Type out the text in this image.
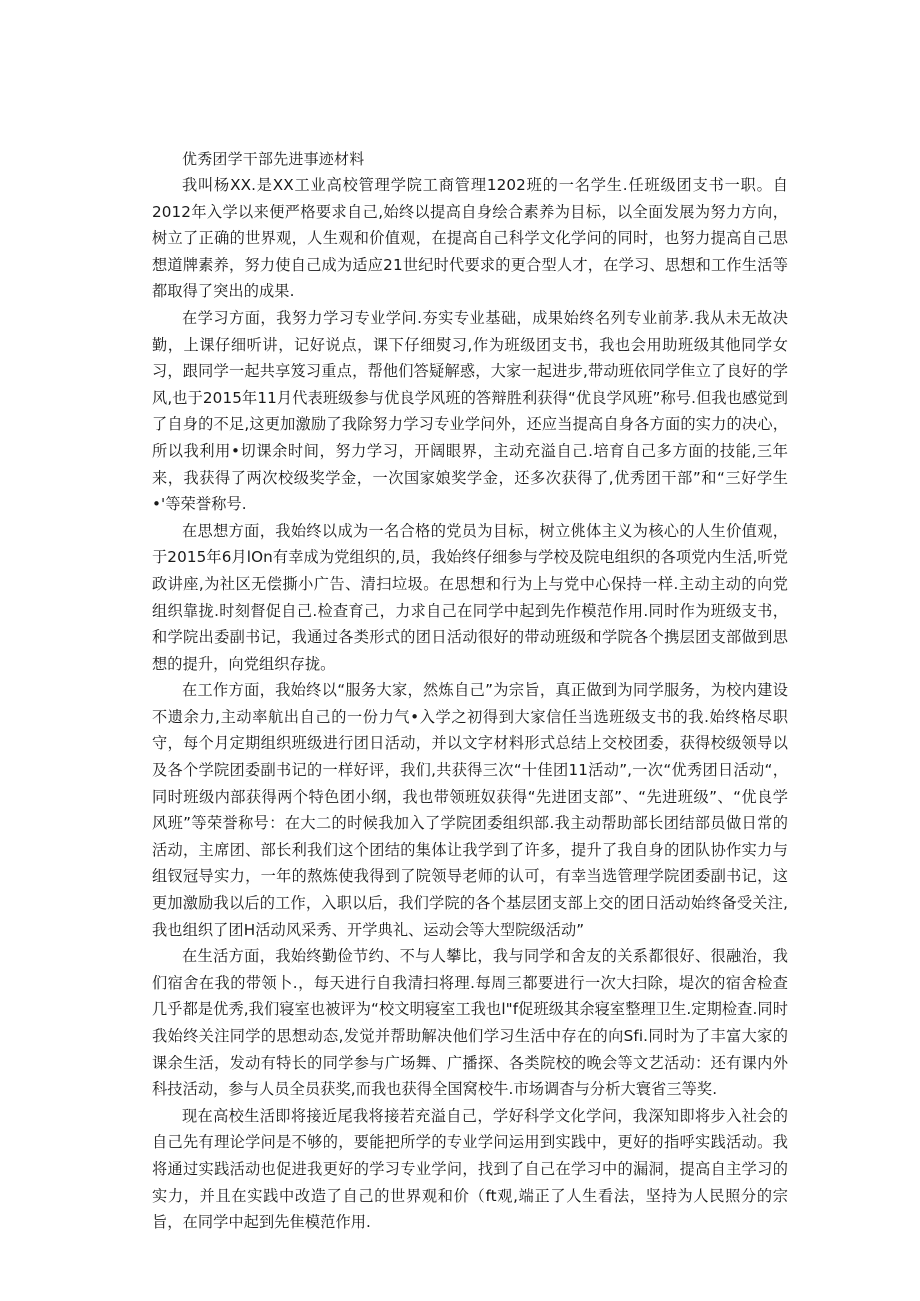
优秀团学干部先进事迹材料

我叫杨XX.是XX工业高校管理学院工商管理1202班的一名学生.任班级团支书一职。自2012年入学以来便严格要求自己,始终以提高自身绘合素养为目标，以全面发展为努力方向，树立了正确的世界观，人生观和价值观，在提高自己科学文化学问的同时，也努力提高自己思想道牌素养，努力使自己成为适应21世纪时代要求的更合型人才，在学习、思想和工作生活等都取得了突出的成果.

在学习方面，我努力学习专业学问.夯实专业基础，成果始终名列专业前茅.我从未无故决勤，上课仔细听讲，记好说点，课下仔细熨习,作为班级团支书，我也会用助班级其他同学女习，跟同学一起共享笈习重点，帮他们答疑解惑，大家一起进步,带动班依同学隹立了良好的学风,也于2015年11月代表班级参与优良学风班的答辩胜利获得“优良学风班”称号.但我也感觉到了自身的不足,这更加激励了我除努力学习专业学问外，还应当提高自身各方面的实力的决心，所以我利用•切课余时间，努力学习，开阔眼界，主动充溢自己.培育自己多方面的技能,三年来，我获得了两次校级奖学金，一次国家娘奖学金，还多次获得了,优秀团干部”和“三好学生•'等荣誉称号.

在思想方面，我始终以成为一名合格的党员为目标，树立佻体主义为核心的人生价值观，于2015年6月lOn有幸成为党组织的,员，我始终仔细参与学校及院电组织的各项党内生活,听党政讲座,为社区无偿撕小广告、清扫垃圾。在思想和行为上与党中心保持一样.主动主动的向党组织靠拢.时刻督促自己.检查育己，力求自己在同学中起到先作模范作用.同时作为班级支书，和学院出委副书记，我通过各类形式的团日活动很好的带动班级和学院各个携层团支部做到思想的提升，向党组织存拢。

在工作方面，我始终以“服务大家，然炼自己”为宗旨，真正做到为同学服务，为校内建设不遗余力,主动率航出自己的一份力气•入学之初得到大家信任当选班级支书的我.始终格尽职守，每个月定期组织班级进行团日活动，并以文字材料形式总结上交校团委，获得校级领导以及各个学院团委副书记的一样好评，我们,共获得三次“十佳团11活动”,一次“优秀团日活动“，同时班级内部获得两个特色团小纲，我也带领班奴获得“先进团支部”、“先进班级”、“优良学风班”等荣誉称号：在大二的时候我加入了学院团委组织部.我主动帮助部长团结部员做日常的活动，主席团、部长利我们这个团结的集体让我学到了许多，提升了我自身的团队协作实力与组钗冠导实力，一年的熬炼使我得到了院领导老师的认可，有幸当选管理学院团委副书记，这更加激励我以后的工作，入职以后，我们学院的各个基层团支部上交的团日活动始终备受关注,我也组织了团H活动风采秀、开学典礼、运动会等大型院级活动”

在生活方面，我始终勤俭节约、不与人攀比，我与同学和舍友的关系都很好、很融治，我们宿舍在我的带领卜.，每天进行自我清扫将理.每周三都要进行一次大扫除，堤次的宿舍检查几乎都是优秀,我们寝室也被评为“校文明寝室工我也l"f促班级其余寝室整理卫生.定期检查.同时我始终关注同学的思想动态,发觉并帮助解决他们学习生活中存在的向Sfi.同时为了丰富大家的课余生活，发动有特长的同学参与广场舞、广播探、各类院校的晚会等文艺活动：还有课内外科技活动，参与人员全员获奖,而我也获得全国窝校牛.市场调杳与分析大寰省三等奖.

现在高校生活即将接近尾我将接若充溢自己，学好科学文化学问，我深知即将步入社会的自己先有理论学问是不够的，要能把所学的专业学问运用到实践中，更好的指呼实践活动。我将通过实践活动也促进我更好的学习专业学问，找到了自己在学习中的漏洞，提高自主学习的实力，并且在实践中改造了自己的世界观和价（ft观,端正了人生看法，坚持为人民照分的宗旨，在同学中起到先隹模范作用.
